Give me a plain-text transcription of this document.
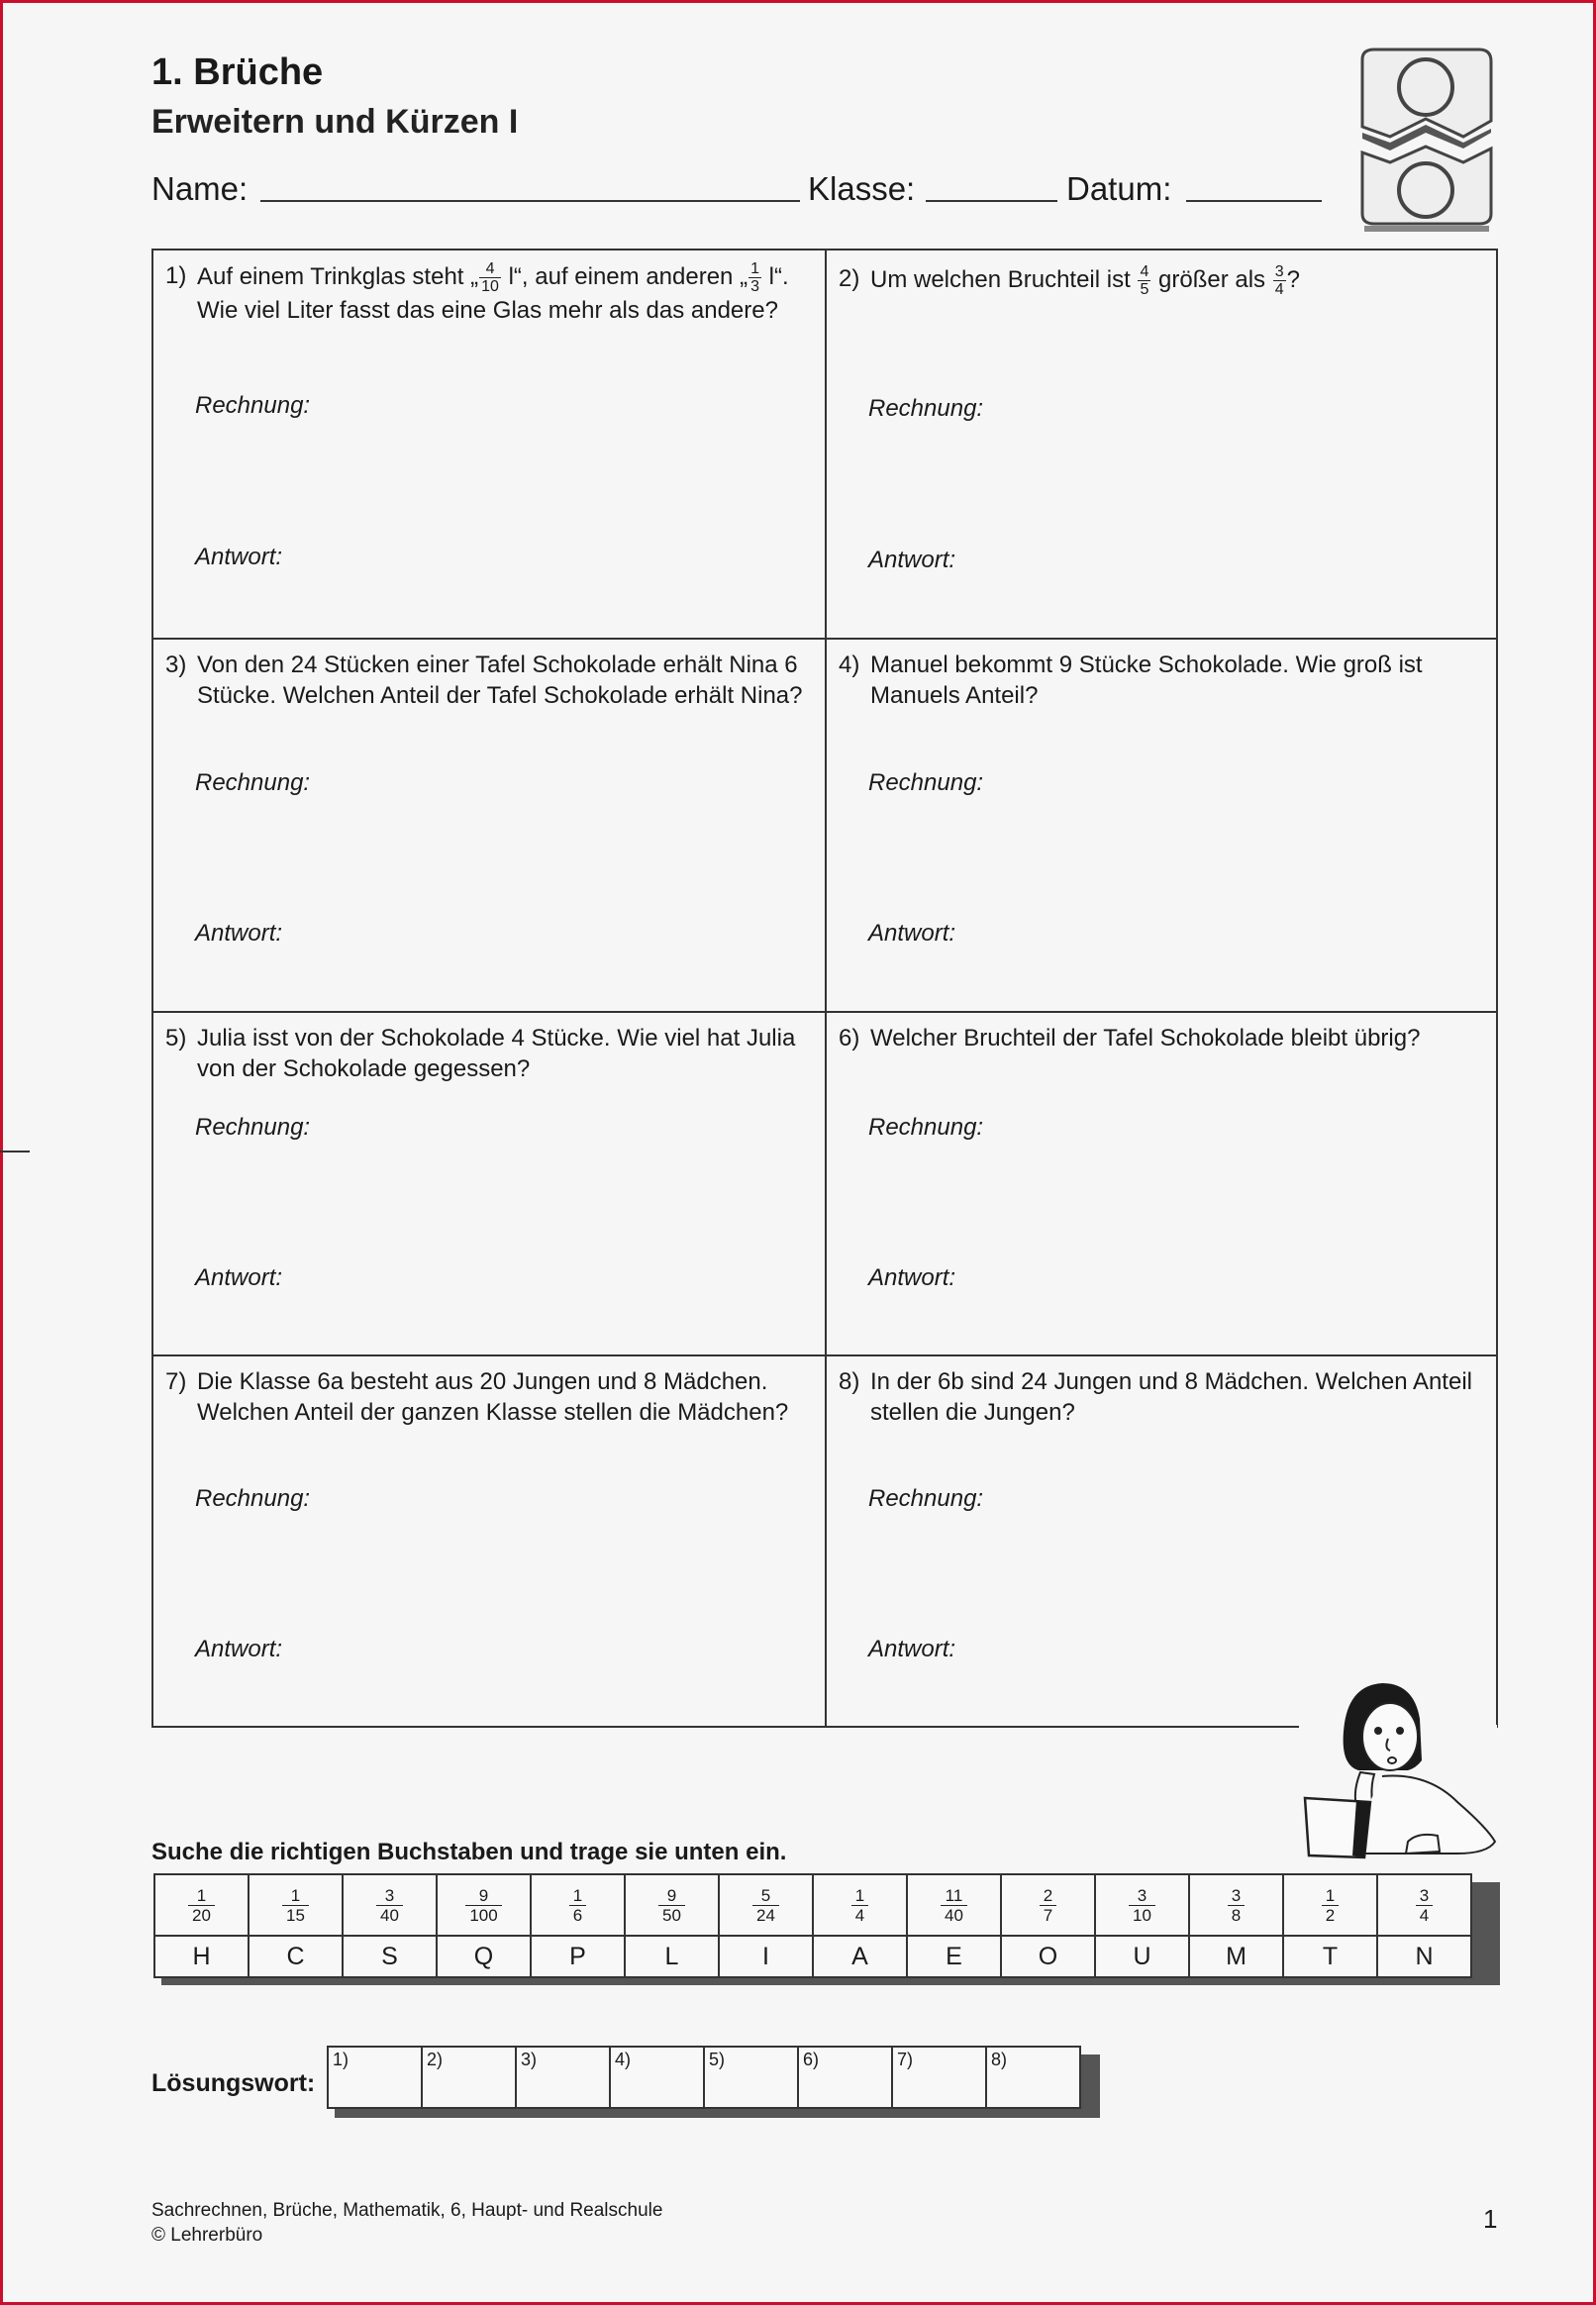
1. Brüche
Erweitern und Kürzen I
Name:	Klasse:	Datum:
1) Auf einem Trinkglas steht „ $\frac{4}{10}$ l“, auf einem anderen „ $\frac{1}{3}$ l“. Wie viel Liter fasst das eine Glas mehr als das andere?
Rechnung:
Antwort:
2) Um welchen Bruchteil ist $\frac{4}{5}$ größer als $\frac{3}{4}$ ?
Rechnung:
Antwort:
3) Von den 24 Stücken einer Tafel Schokolade erhält Nina 6 Stücke. Welchen Anteil der Tafel Schokolade erhält Nina?
Rechnung:
Antwort:
4) Manuel bekommt 9 Stücke Schokolade. Wie groß ist Manuels Anteil?
Rechnung:
Antwort:
5) Julia isst von der Schokolade 4 Stücke. Wie viel hat Julia von der Schokolade gegessen?
Rechnung:
Antwort:
6) Welcher Bruchteil der Tafel Schokolade bleibt übrig?
Rechnung:
Antwort:
7) Die Klasse 6a besteht aus 20 Jungen und 8 Mädchen. Welchen Anteil der ganzen Klasse stellen die Mädchen?
Rechnung:
Antwort:
8) In der 6b sind 24 Jungen und 8 Mädchen. Welchen Anteil stellen die Jungen?
Rechnung:
Antwort:

Suche die richtigen Buchstaben und trage sie unten ein.

$\frac{1}{20}$	$\frac{1}{15}$	$\frac{3}{40}$	$\frac{9}{100}$	$\frac{1}{6}$	$\frac{9}{50}$	$\frac{5}{24}$	$\frac{1}{4}$	$\frac{11}{40}$	$\frac{2}{7}$	$\frac{3}{10}$	$\frac{3}{8}$	$\frac{1}{2}$	$\frac{3}{4}$

H	C	S	Q	P	L	I	A	E	O	U	M	T	N
Lösungswort:
1)	2)	3)	4)	5)	6)	7)	8)
Sachrechnen, Brüche, Mathematik, 6, Haupt- und Realschule
© Lehrerbüro
1
